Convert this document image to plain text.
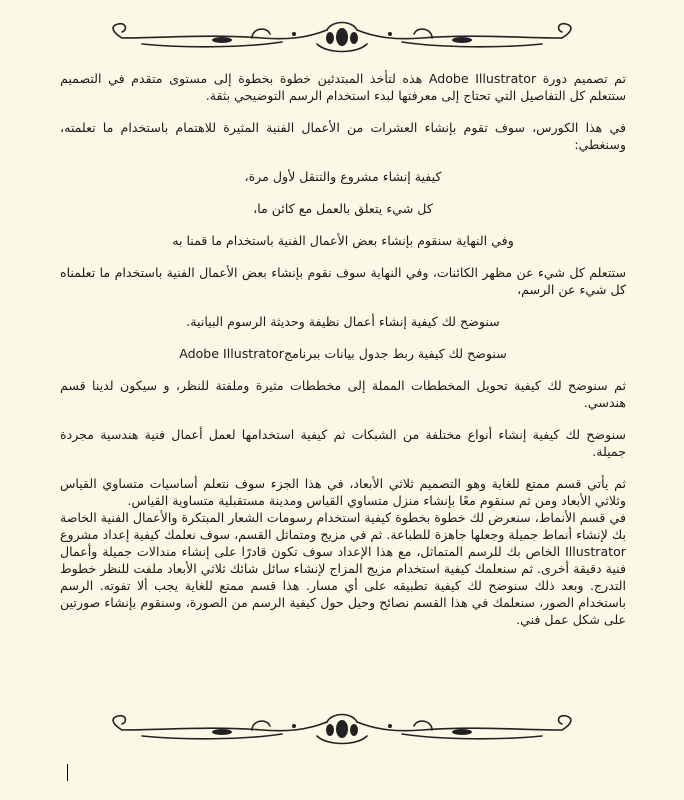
تم تصميم دورة Adobe Illustrator هذه لتأخذ المبتدئين خطوة بخطوة إلى مستوى متقدم في التصميم ستتعلم كل التفاصيل التي تحتاج إلى معرفتها لبدء استخدام الرسم التوضيحي بثقة.

في هذا الكورس، سوف تقوم بإنشاء العشرات من الأعمال الفنية المثيرة للاهتمام باستخدام ما تعلمته، وسنغطي:

كيفية إنشاء مشروع والتنقل لأول مرة،

كل شيء يتعلق بالعمل مع كائن ما،

وفي النهاية سنقوم بإنشاء بعض الأعمال الفنية باستخدام ما قمنا به

ستتعلم كل شيء عن مظهر الكائنات، وفي النهاية سوف نقوم بإنشاء بعض الأعمال الفنية باستخدام ما تعلمناه كل شيء عن الرسم،

سنوضح لك كيفية إنشاء أعمال نظيفة وحديثة الرسوم البيانية.

سنوضح لك كيفية ربط جدول بيانات ببرنامجAdobe Illustrator

ثم سنوضح لك كيفية تحويل المخططات المملة إلى مخططات مثيرة وملفتة للنظر، و سيكون لدينا قسم هندسي.

سنوضح لك كيفية إنشاء أنواع مختلفة من الشبكات ثم كيفية استخدامها لعمل أعمال فنية هندسية مجردة جميلة.

ثم يأتي قسم ممتع للغاية وهو التصميم ثلاثي الأبعاد، في هذا الجزء سوف نتعلم أساسيات متساوي القياس وثلاثي الأبعاد ومن ثم سنقوم معًا بإنشاء منزل متساوي القياس ومدينة مستقبلية متساوية القياس.

في قسم الأنماط، سنعرض لك خطوة بخطوة كيفية استخدام رسومات الشعار المبتكرة والأعمال الفنية الخاصة بك لإنشاء أنماط جميلة وجعلها جاهزة للطباعة. ثم في مزيج ومتماثل القسم، سوف نعلمك كيفية إعداد مشروع Illustrator الخاص بك للرسم المتماثل، مع هذا الإعداد سوف تكون قادرًا على إنشاء مندالات جميلة وأعمال فنية دقيقة أخرى. ثم سنعلمك كيفية استخدام مزيج المزاج لإنشاء سائل شائك ثلاثي الأبعاد ملفت للنظر خطوط التدرج. وبعد ذلك سنوضح لك كيفية تطبيقه على أي مسار. هذا قسم ممتع للغاية يجب ألا تفوته. الرسم باستخدام الصور، سنعلمك في هذا القسم نصائح وحيل حول كيفية الرسم من الصورة، وسنقوم بإنشاء صورتين على شكل عمل فني.
